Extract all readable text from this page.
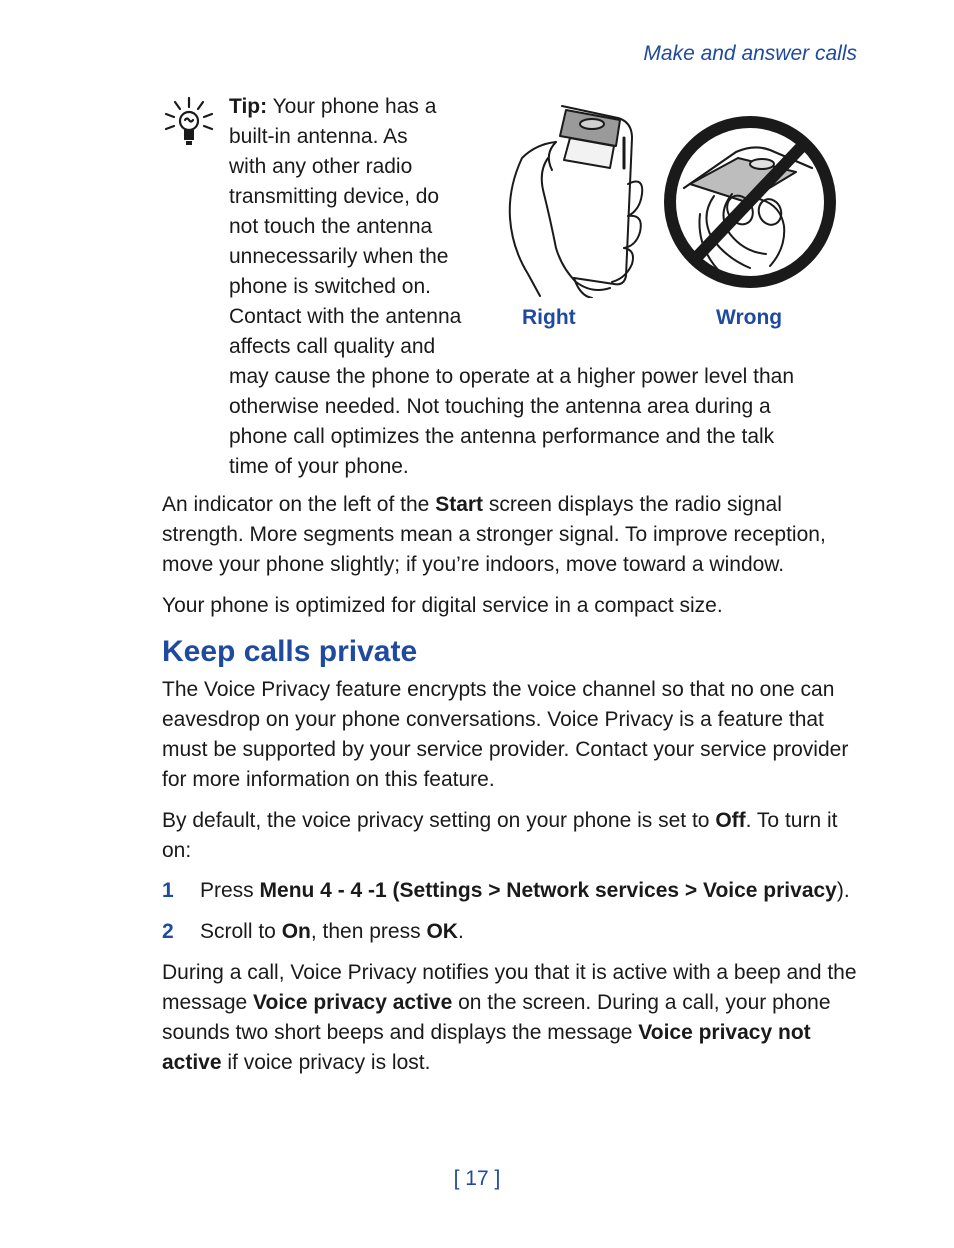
Make and answer calls
Tip: Your phone has a
built-in antenna. As
with any other radio
transmitting device, do
not touch the antenna
unnecessarily when the
phone is switched on.
Contact with the antenna
affects call quality and
may cause the phone to operate at a higher power level than
otherwise needed. Not touching the antenna area during a
phone call optimizes the antenna performance and the talk
time of your phone.
Right	Wrong

An indicator on the left of the Start screen displays the radio signal strength. More segments mean a stronger signal. To improve reception, move your phone slightly; if you’re indoors, move toward a window.

Your phone is optimized for digital service in a compact size.

Keep calls private

The Voice Privacy feature encrypts the voice channel so that no one can eavesdrop on your phone conversations. Voice Privacy is a feature that must be supported by your service provider. Contact your service provider for more information on this feature.

By default, the voice privacy setting on your phone is set to Off. To turn it on:

1 Press Menu 4 - 4 -1 (Settings > Network services > Voice privacy).
2 Scroll to On, then press OK.

During a call, Voice Privacy notifies you that it is active with a beep and the message Voice privacy active on the screen. During a call, your phone sounds two short beeps and displays the message Voice privacy not active if voice privacy is lost.

[ 17 ]
